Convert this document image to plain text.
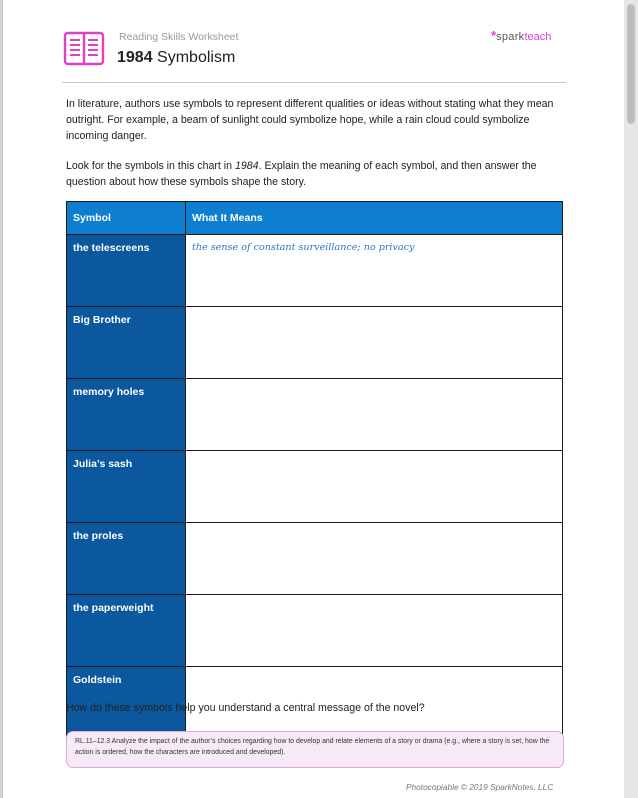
Reading Skills Worksheet
1984 Symbolism
*sparkteach

In literature, authors use symbols to represent different qualities or ideas without stating what they mean outright. For example, a beam of sunlight could symbolize hope, while a rain cloud could symbolize incoming danger.

Look for the symbols in this chart in 1984. Explain the meaning of each symbol, and then answer the question about how these symbols shape the story.

Symbol	What It Means
the telescreens	the sense of constant surveillance; no privacy
Big Brother	
memory holes	
Julia’s sash	
the proles	
the paperweight	
Goldstein	
How do these symbols help you understand a central message of the novel?
RL.11–12.3 Analyze the impact of the author’s choices regarding how to develop and relate elements of a story or drama (e.g., where a story is set, how the action is ordered, how the characters are introduced and developed).
Photocopiable © 2019 SparkNotes, LLC
